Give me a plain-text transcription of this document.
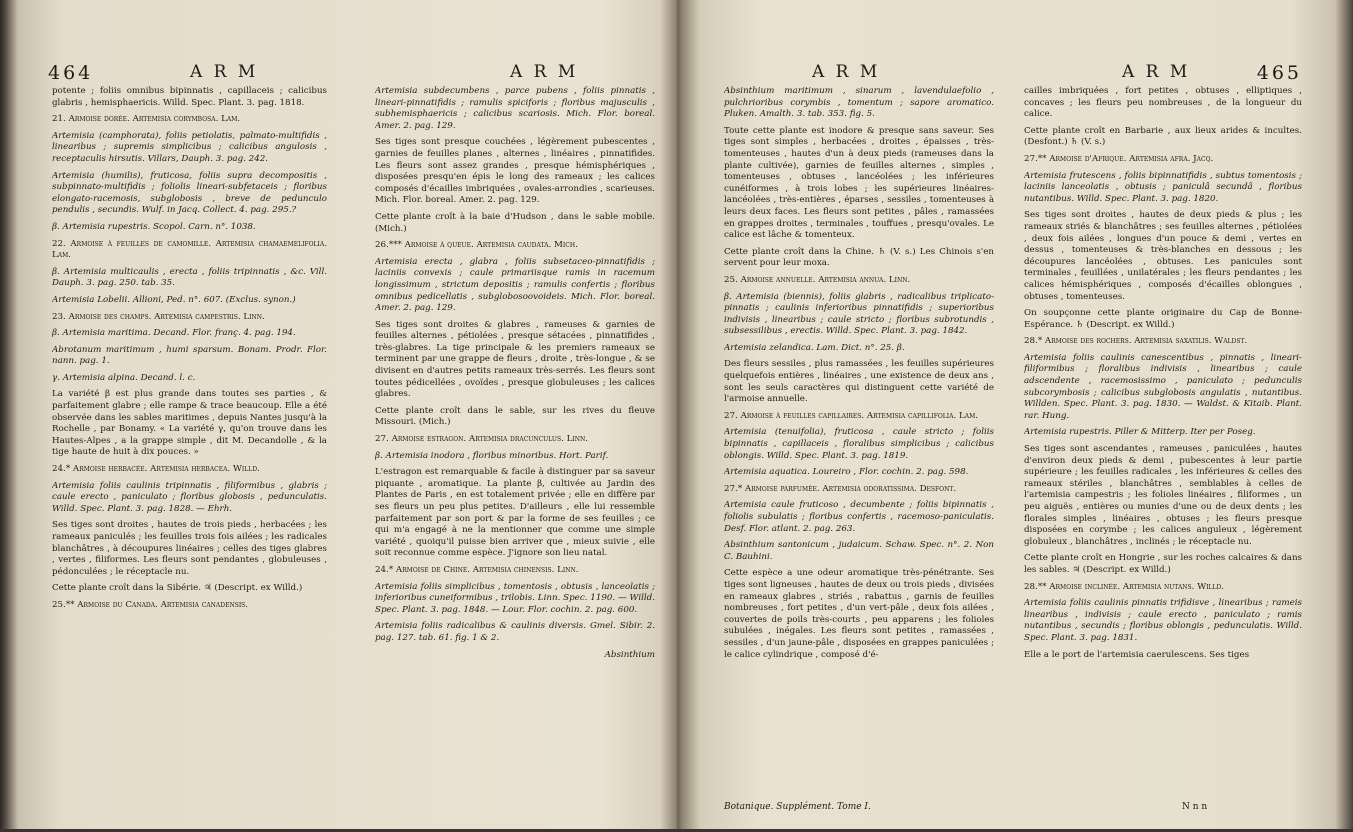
464	A R M	A R M

potente ; foliis omnibus bipinnatis , capillaceis ; calicibus glabris , hemisphaericis. Willd. Spec. Plant. 3. pag. 1818.

21. Armoise dorée. Artemisia corymbosa. Lam.

Artemisia (camphorata), foliis petiolatis, palmato-multifidis , linearibus ; supremis simplicibus ; calicibus angulosis , receptaculis hirsutis. Villars, Dauph. 3. pag. 242.

Artemisia (humilis), fruticosa, foliis supra decompositis , subpinnato-multifidis ; foliolis lineari-subfetaceis ; floribus elongato-racemosis, subglobosis , breve de pedunculo pendulis , secundis. Wulf. in Jacq. Collect. 4. pag. 295.?

β. Artemisia rupestris. Scopol. Carn. n°. 1038.

22. Armoise à feuilles de camomille. Artemisia chamaemelifolia. Lam.

β. Artemisia multicaulis , erecta , foliis tripinnatis , &c. Vill. Dauph. 3. pag. 250. tab. 35.

Artemisia Lobelii. Allioni, Ped. n°. 607. (Exclus. synon.)

23. Armoise des champs. Artemisia campestris. Linn.

β. Artemisia maritima. Decand. Flor. franç. 4. pag. 194.

Abrotanum maritimum , humi sparsum. Bonam. Prodr. Flor. nann. pag. 1.

γ. Artemisia alpina. Decand. l. c.

La variété β est plus grande dans toutes ses parties , & parfaitement glabre ; elle rampe & trace beaucoup. Elle a été observée dans les sables maritimes , depuis Nantes jusqu'à la Rochelle , par Bonamy. « La variété γ, qu'on trouve dans les Hautes-Alpes , a la grappe simple , dit M. Decandolle , & la tige haute de huit à dix pouces. »

24.* Armoise herbacée. Artemisia herbacea. Willd.

Artemisia foliis caulinis tripinnatis , filiformibus , glabris ; caule erecto , paniculato ; floribus globosis , pedunculatis. Willd. Spec. Plant. 3. pag. 1828. — Ehrh.

Ses tiges sont droites , hautes de trois pieds , herbacées ; les rameaux paniculés ; les feuilles trois fois ailées ; les radicales blanchâtres , à découpures linéaires ; celles des tiges glabres , vertes , filiformes. Les fleurs sont pendantes , globuleuses , pédonculées ; le réceptacle nu.

Cette plante croît dans la Sibérie. ♃ (Descript. ex Willd.)

25.** Armoise du Canada. Artemisia canadensis.

Artemisia subdecumbens , parce pubens , foliis pinnatis , lineari-pinnatifidis ; ramulis spiciforis ; floribus majusculis , subhemisphaericis ; calicibus scariosis. Mich. Flor. boreal. Amer. 2. pag. 129.

Ses tiges sont presque couchées , légèrement pubescentes , garnies de feuilles planes , alternes , linéaires , pinnatifides. Les fleurs sont assez grandes , presque hémisphériques , disposées presqu'en épis le long des rameaux ; les calices composés d'écailles imbriquées , ovales-arrondies , scarieuses. Mich. Flor. boreal. Amer. 2. pag. 129.

Cette plante croît à la baie d'Hudson , dans le sable mobile. (Mich.)

26.*** Armoise à queue. Artemisia caudata. Mich.

Artemisia erecta , glabra , foliis subsetaceo-pinnatifidis ; laciniis convexis ; caule primariisque ramis in racemum longissimum , strictum depositis ; ramulis confertis ; floribus omnibus pedicellatis , subglobosoovoideis. Mich. Flor. boreal. Amer. 2. pag. 129.

Ses tiges sont droites & glabres , rameuses & garnies de feuilles alternes , pétiolées , presque sétacées , pinnatifides , très-glabres. La tige principale & les premiers rameaux se terminent par une grappe de fleurs , droite , très-longue , & se divisent en d'autres petits rameaux très-serrés. Les fleurs sont toutes pédicellées , ovoïdes , presque globuleuses ; les calices glabres.

Cette plante croît dans le sable, sur les rives du fleuve Missouri. (Mich.)

27. Armoise estragon. Artemisia dracunculus. Linn.

β. Artemisia inodora , floribus minoribus. Hort. Parif.

L'estragon est remarquable & facile à distinguer par sa saveur piquante , aromatique. La plante β, cultivée au Jardin des Plantes de Paris , en est totalement privée ; elle en diffère par ses fleurs un peu plus petites. D'ailleurs , elle lui ressemble parfaitement par son port & par la forme de ses feuilles ; ce qui m'a engagé à ne la mentionner que comme une simple variété , quoiqu'il puisse bien arriver que , mieux suivie , elle soit reconnue comme espèce. J'ignore son lieu natal.

24.* Armoise de Chine. Artemisia chinensis. Linn.

Artemisia foliis simplicibus , tomentosis , obtusis , lanceolatis ; inferioribus cuneiformibus , trilobis. Linn. Spec. 1190. — Willd. Spec. Plant. 3. pag. 1848. — Lour. Flor. cochin. 2. pag. 600.

Artemisia foliis radicalibus & caulinis diversis. Gmel. Sibir. 2. pag. 127. tab. 61. fig. 1 & 2.

Absinthium

A R M	A R M	465

Absinthium maritimum , sinarum , lavendulaefolio , pulchrioribus corymbis , tomentum ; sapore aromatico. Pluken. Amalth. 3. tab. 353. fig. 5.

Toute cette plante est inodore & presque sans saveur. Ses tiges sont simples , herbacées , droites , épaisses , très-tomenteuses , hautes d'un à deux pieds (rameuses dans la plante cultivée), garnies de feuilles alternes , simples , tomenteuses , obtuses , lancéolées ; les inférieures cunéiformes , à trois lobes ; les supérieures linéaires-lancéolées , très-entières , éparses , sessiles , tomenteuses à leurs deux faces. Les fleurs sont petites , pâles , ramassées en grappes droites , terminales , touffues , presqu'ovales. Le calice est lâche & tomenteux.

Cette plante croît dans la Chine. ♄ (V. s.) Les Chinois s'en servent pour leur moxa.

25. Armoise annuelle. Artemisia annua. Linn.

β. Artemisia (biennis), foliis glabris , radicalibus triplicato-pinnatis ; caulinis inferioribus pinnatifidis ; superioribus indivisis , linearibus ; caule stricto ; floribus subrotundis , subsessilibus , erectis. Willd. Spec. Plant. 3. pag. 1842.

Artemisia zelandica. Lam. Dict. n°. 25. β.

Des fleurs sessiles , plus ramassées , les feuilles supérieures quelquefois entières , linéaires , une existence de deux ans , sont les seuls caractères qui distinguent cette variété de l'armoise annuelle.

27. Armoise à feuilles capillaires. Artemisia capillifolia. Lam.

Artemisia (tenuifolia), fruticosa , caule stricto ; foliis bipinnatis , capillaceis , floralibus simplicibus ; calicibus oblongis. Willd. Spec. Plant. 3. pag. 1819.

Artemisia aquatica. Loureiro , Flor. cochin. 2. pag. 598.

27.* Armoise parfumée. Artemisia odoratissima. Desfont.

Artemisia caule fruticoso , decumbente ; foliis bipinnatis , foliolis subulatis ; floribus confertis , racemoso-paniculatis. Desf. Flor. atlant. 2. pag. 263.

Absinthium santonicum , judaicum. Schaw. Spec. n°. 2. Non C. Bauhini.

Cette espèce a une odeur aromatique très-pénétrante. Ses tiges sont ligneuses , hautes de deux ou trois pieds , divisées en rameaux glabres , striés , rabattus , garnis de feuilles nombreuses , fort petites , d'un vert-pâle , deux fois ailées , couvertes de poils très-courts , peu apparens ; les folioles subulées , inégales. Les fleurs sont petites , ramassées , sessiles , d'un jaune-pâle , disposées en grappes paniculées ; le calice cylindrique , composé d'é-

cailles imbriquées , fort petites , obtuses , elliptiques , concaves ; les fleurs peu nombreuses , de la longueur du calice.

Cette plante croît en Barbarie , aux lieux arides & incultes. (Desfont.) ♄ (V. s.)

27.** Armoise d'Afrique. Artemisia afra. Jacq.

Artemisia frutescens , foliis bipinnatifidis , subtus tomentosis ; laciniis lanceolatis , obtusis ; paniculâ secundâ , floribus nutantibus. Willd. Spec. Plant. 3. pag. 1820.

Ses tiges sont droites , hautes de deux pieds & plus ; les rameaux striés & blanchâtres ; ses feuilles alternes , pétiolées , deux fois ailées , longues d'un pouce & demi , vertes en dessus , tomenteuses & très-blanches en dessous ; les découpures lancéolées , obtuses. Les panicules sont terminales , feuillées , unilatérales ; les fleurs pendantes ; les calices hémisphériques , composés d'écailles oblongues , obtuses , tomenteuses.

On soupçonne cette plante originaire du Cap de Bonne-Espérance. ♄ (Descript. ex Willd.)

28.* Armoise des rochers. Artemisia saxatilis. Waldst.

Artemisia foliis caulinis canescentibus , pinnatis , lineari-filiformibus ; floralibus indivisis , linearibus ; caule adscendente , racemosissimo , paniculato ; pedunculis subcorymbosis ; calicibus subglobosis angulatis , nutantibus. Willden. Spec. Plant. 3. pag. 1830. — Waldst. & Kitaib. Plant. rar. Hung.

Artemisia rupestris. Piller & Mitterp. Iter per Poseg.

Ses tiges sont ascendantes , rameuses , paniculées , hautes d'environ deux pieds & demi , pubescentes à leur partie supérieure ; les feuilles radicales , les inférieures & celles des rameaux stériles , blanchâtres , semblables à celles de l'artemisia campestris ; les folioles linéaires , filiformes , un peu aiguës , entières ou munies d'une ou de deux dents ; les florales simples , linéaires , obtuses ; les fleurs presque disposées en corymbe ; les calices anguleux , légèrement globuleux , blanchâtres , inclinés ; le réceptacle nu.

Cette plante croît en Hongrie , sur les roches calcaires & dans les sables. ♃ (Descript. ex Willd.)

28.** Armoise inclinée. Artemisia nutans. Willd.

Artemisia foliis caulinis pinnatis trifidisve , linearibus ; rameis linearibus , indivisis ; caule erecto , paniculato ; ramis nutantibus , secundis ; floribus oblongis , pedunculatis. Willd. Spec. Plant. 3. pag. 1831.

Elle a le port de l'artemisia caerulescens. Ses tiges

Botanique. Supplément. Tome I.	N n n
